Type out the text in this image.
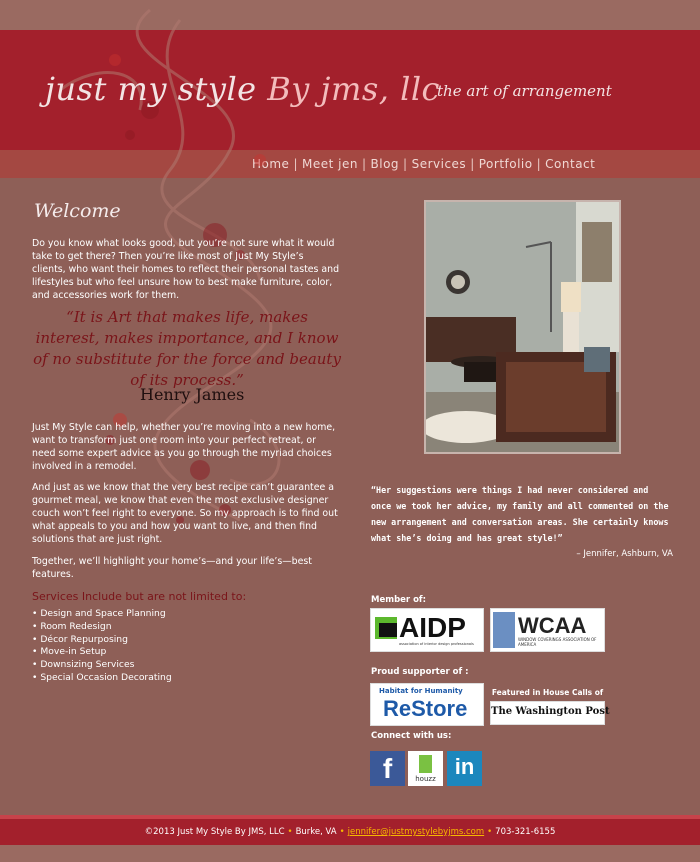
Home | Meet jen | Blog | Services | Portfolio | Contact
just my style By jms, llc
the art of arrangement
Welcome

Do you know what looks good, but you’re not sure what it would take to get there? Then you’re like most of Just My Style’s clients, who want their homes to reflect their personal tastes and lifestyles but who feel unsure how to best make furniture, color, and accessories work for them.

“It is Art that makes life, makes interest, makes importance, and I know of no substitute for the force and beauty of its process.”
Henry James

Just My Style can help, whether you’re moving into a new home, want to transform just one room into your perfect retreat, or need some expert advice as you go through the myriad choices involved in a remodel.

And just as we know that the very best recipe can’t guarantee a gourmet meal, we know that even the most exclusive designer couch won’t feel right to everyone. So my approach is to find out what appeals to you and how you want to live, and then find solutions that are just right.

Together, we’ll highlight your home’s—and your life’s—best features.

Services Include but are not limited to:
• Design and Space Planning
• Room Redesign
• Décor Repurposing
• Move-in Setup
• Downsizing Services
• Special Occasion Decorating

“Her suggestions were things I had never considered and once we took her advice, my family and all commented on the new arrangement and conversation areas. She certainly knows what she’s doing and has great style!”

– Jennifer, Ashburn, VA
Member of:
AIDP
association of interior design professionals
WCAA
WINDOW COVERINGS ASSOCIATION OF AMERICA
Proud supporter of :
Habitat for Humanity
ReStore
Featured in House Calls of
The Washington Post
Connect with us:
f	houzz in
©2013 Just My Style By JMS, LLC • Burke, VA • jennifer@justmystylebyjms.com • 703-321-6155
